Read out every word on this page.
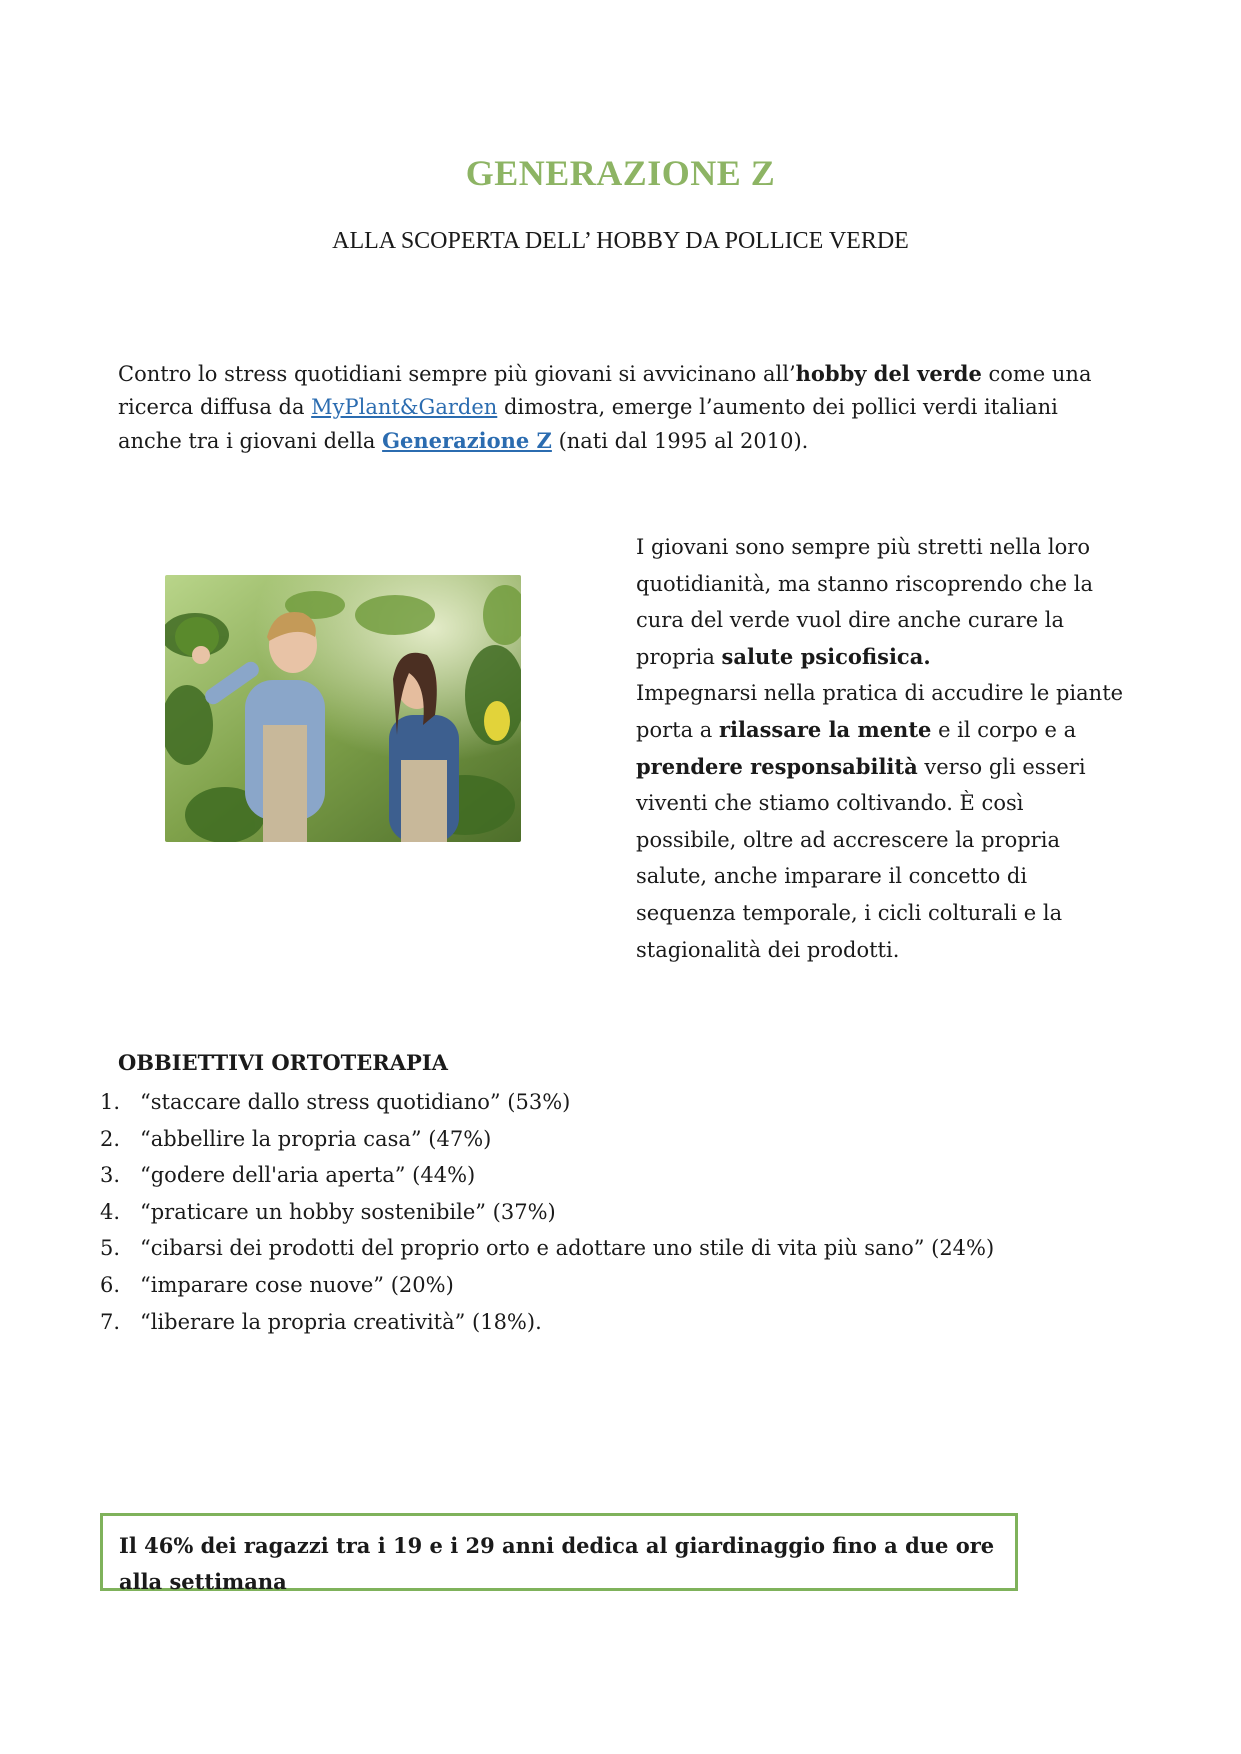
GENERAZIONE Z
ALLA SCOPERTA DELL’ HOBBY DA POLLICE VERDE

Contro lo stress quotidiani sempre più giovani si avvicinano all’hobby del verde come una ricerca diffusa da MyPlant&Garden dimostra, emerge l’aumento dei pollici verdi italiani anche tra i giovani della Generazione Z (nati dal 1995 al 2010).

I giovani sono sempre più stretti nella loro quotidianità, ma stanno riscoprendo che la cura del verde vuol dire anche curare la propria salute psicofisica.
Impegnarsi nella pratica di accudire le piante porta a rilassare la mente e il corpo e a prendere responsabilità verso gli esseri viventi che stiamo coltivando. È così possibile, oltre ad accrescere la propria salute, anche imparare il concetto di sequenza temporale, i cicli colturali e la stagionalità dei prodotti.

OBBIETTIVI ORTOTERAPIA
1. “staccare dallo stress quotidiano” (53%)
2. “abbellire la propria casa” (47%)
3. “godere dell'aria aperta” (44%)
4. “praticare un hobby sostenibile” (37%)
5. “cibarsi dei prodotti del proprio orto e adottare uno stile di vita più sano” (24%)
6. “imparare cose nuove” (20%)
7. “liberare la propria creatività” (18%).
Il 46% dei ragazzi tra i 19 e i 29 anni dedica al giardinaggio fino a due ore alla settimana
